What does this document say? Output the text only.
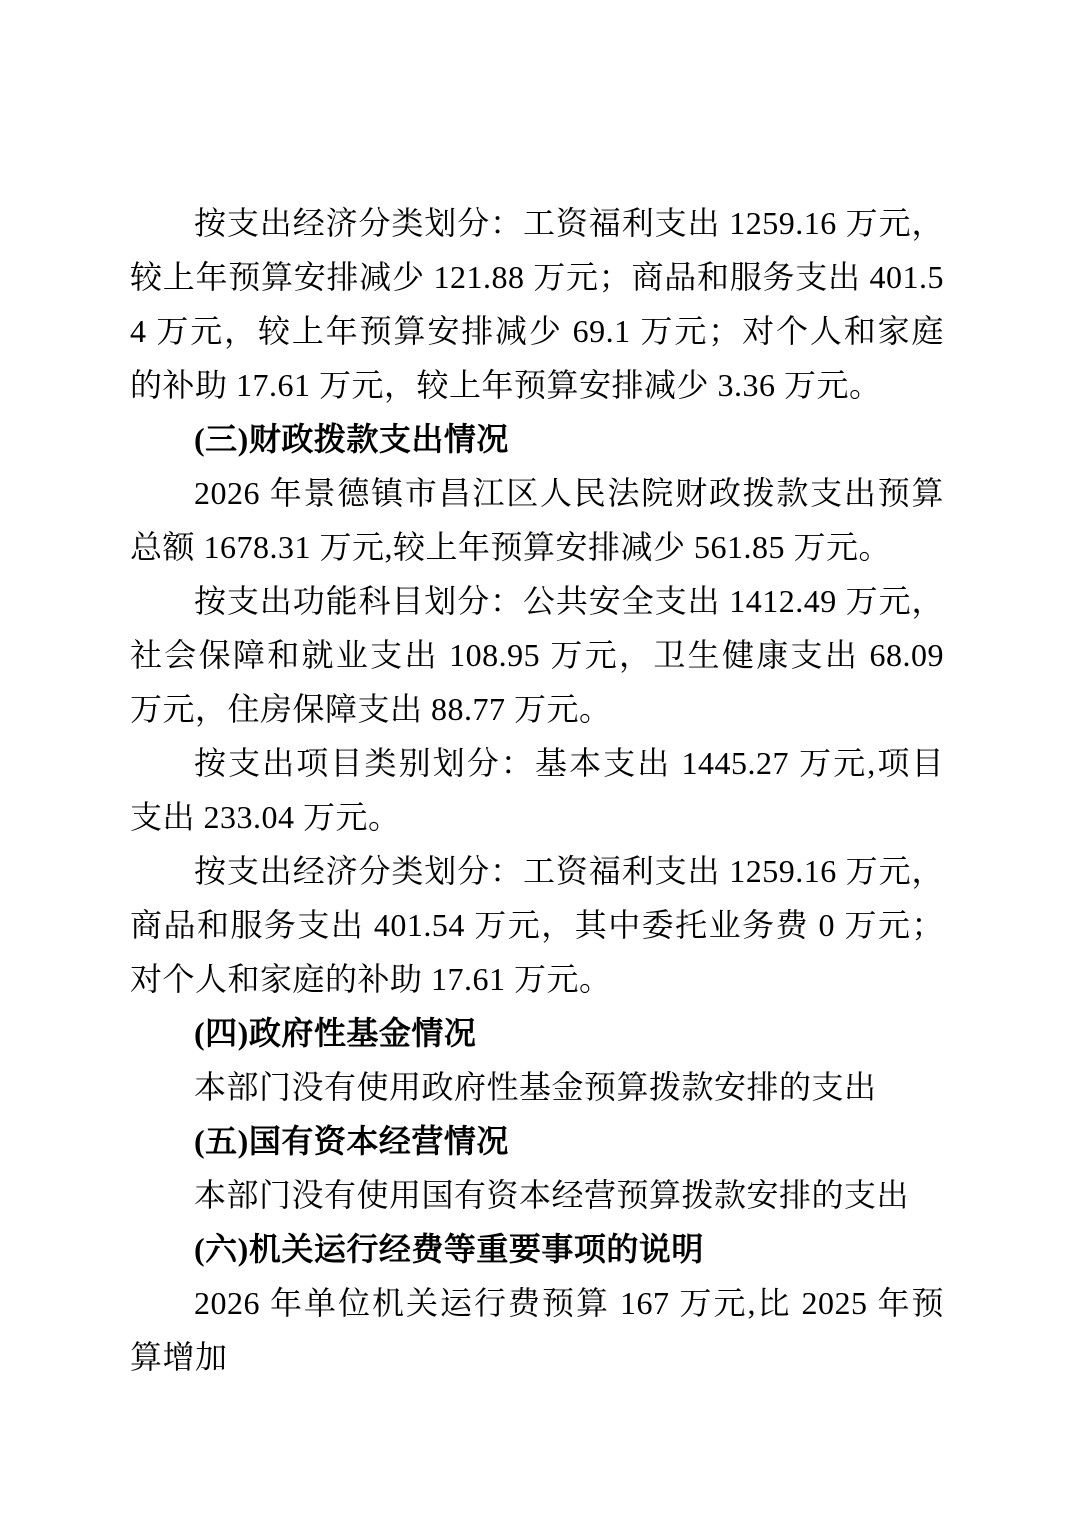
按支出经济分类划分：工资福利支出 1259.16 万元，较上年预算安排减少 121.88 万元；商品和服务支出 401.54 万元，较上年预算安排减少 69.1 万元；对个人和家庭的补助 17.61 万元，较上年预算安排减少 3.36 万元。

(三)财政拨款支出情况

2026 年景德镇市昌江区人民法院财政拨款支出预算总额 1678.31 万元,较上年预算安排减少 561.85 万元。

按支出功能科目划分：公共安全支出 1412.49 万元，社会保障和就业支出 108.95 万元，卫生健康支出 68.09 万元，住房保障支出 88.77 万元。

按支出项目类别划分：基本支出 1445.27 万元,项目支出 233.04 万元。

按支出经济分类划分：工资福利支出 1259.16 万元，商品和服务支出 401.54 万元，其中委托业务费 0 万元；对个人和家庭的补助 17.61 万元。

(四)政府性基金情况

本部门没有使用政府性基金预算拨款安排的支出

(五)国有资本经营情况

本部门没有使用国有资本经营预算拨款安排的支出

(六)机关运行经费等重要事项的说明

2026 年单位机关运行费预算 167 万元,比 2025 年预算增加
